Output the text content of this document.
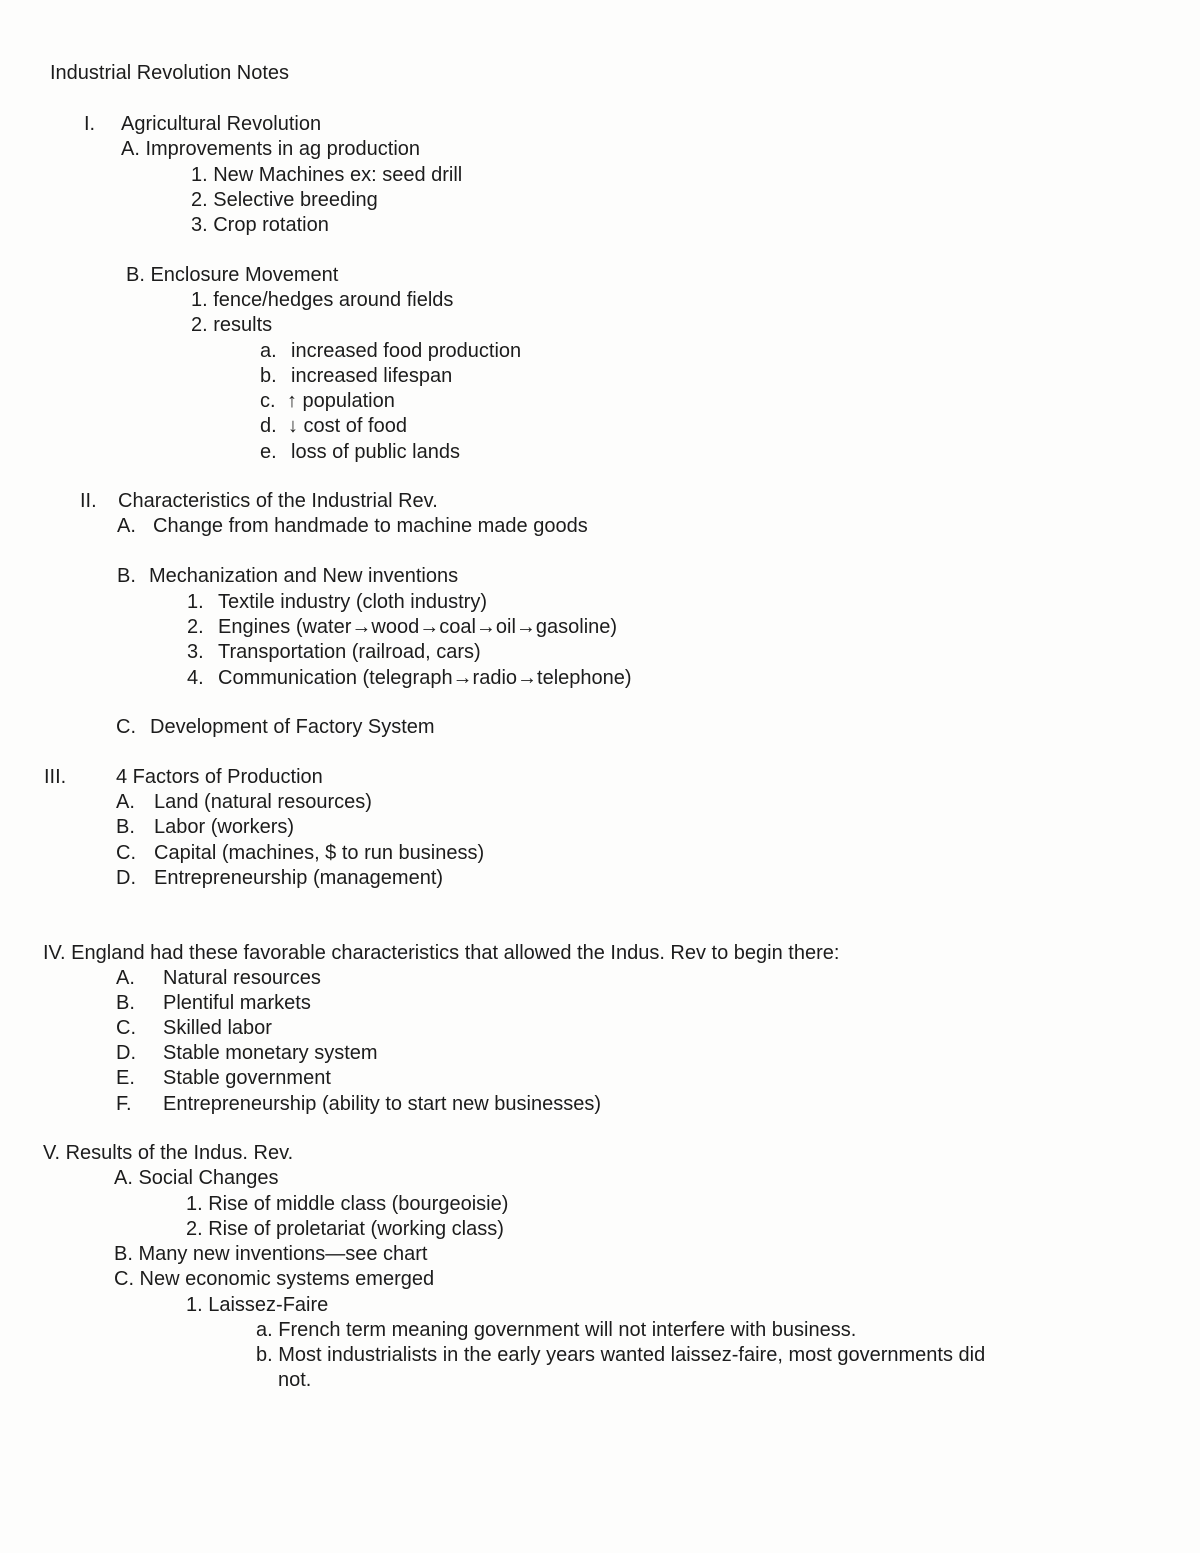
Industrial Revolution Notes
I. Agricultural Revolution
A. Improvements in ag production
1. New Machines ex: seed drill
2. Selective breeding
3. Crop rotation
B. Enclosure Movement
1. fence/hedges around fields
2. results
a. increased food production
b. increased lifespan
c. ↑ population
d. ↓ cost of food
e. loss of public lands
II. Characteristics of the Industrial Rev.
A. Change from handmade to machine made goods
B. Mechanization and New inventions
1. Textile industry (cloth industry)
2. Engines (water→wood→coal→oil→gasoline)
3. Transportation (railroad, cars)
4. Communication (telegraph→radio→telephone)
C. Development of Factory System
III. 4 Factors of Production
A. Land (natural resources)
B. Labor (workers)
C. Capital (machines, $ to run business)
D. Entrepreneurship (management)
IV. England had these favorable characteristics that allowed the Indus. Rev to begin there:
A. Natural resources
B. Plentiful markets
C. Skilled labor
D. Stable monetary system
E. Stable government
F. Entrepreneurship (ability to start new businesses)
V. Results of the Indus. Rev.
A. Social Changes
1. Rise of middle class (bourgeoisie)
2. Rise of proletariat (working class)
B. Many new inventions—see chart
C. New economic systems emerged
1. Laissez-Faire
a. French term meaning government will not interfere with business.
b. Most industrialists in the early years wanted laissez-faire, most governments did
not.
